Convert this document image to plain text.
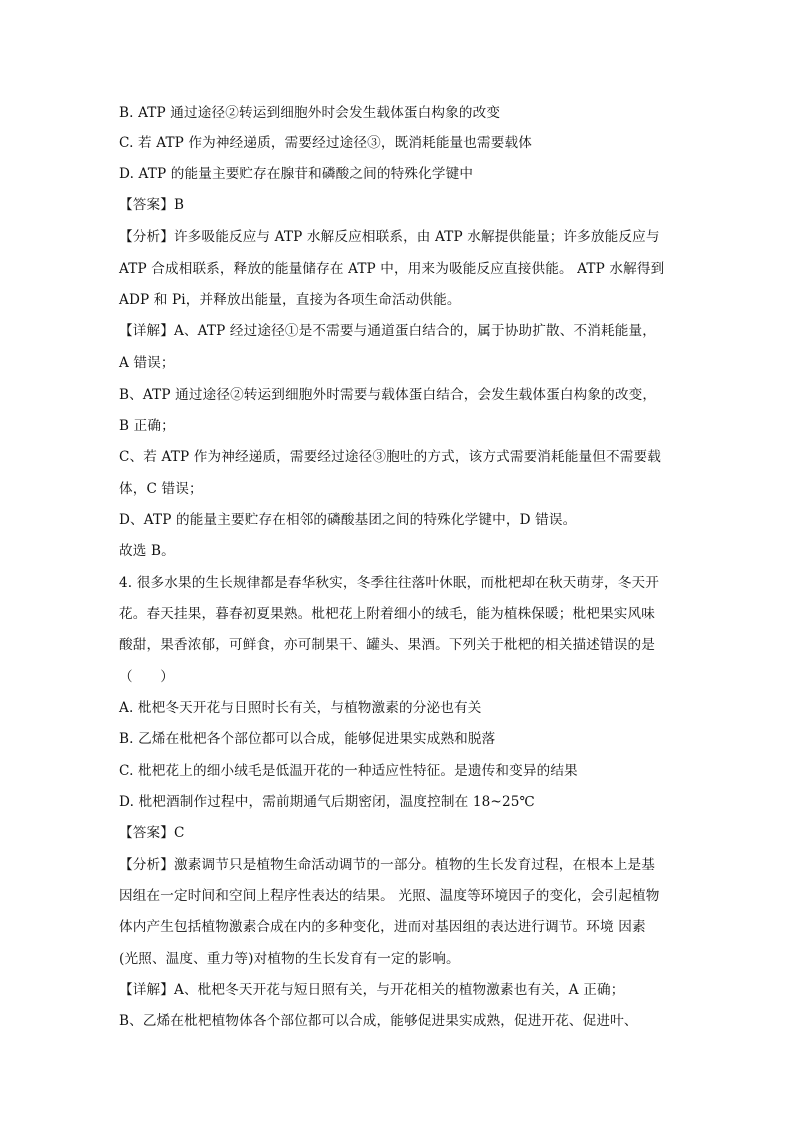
B. ATP 通过途径②转运到细胞外时会发生载体蛋白构象的改变
C. 若 ATP 作为神经递质，需要经过途径③，既消耗能量也需要载体
D. ATP 的能量主要贮存在腺苷和磷酸之间的特殊化学键中
【答案】B
【分析】许多吸能反应与 ATP 水解反应相联系，由 ATP 水解提供能量；许多放能反应与
ATP 合成相联系，释放的能量储存在 ATP 中，用来为吸能反应直接供能。 ATP 水解得到
ADP 和 Pi，并释放出能量，直接为各项生命活动供能。
【详解】A、ATP 经过途径①是不需要与通道蛋白结合的，属于协助扩散、不消耗能量，
A 错误；
B、ATP 通过途径②转运到细胞外时需要与载体蛋白结合，会发生载体蛋白构象的改变，
B 正确；
C、若 ATP 作为神经递质，需要经过途径③胞吐的方式，该方式需要消耗能量但不需要载
体，C 错误；
D、ATP 的能量主要贮存在相邻的磷酸基团之间的特殊化学键中，D 错误。
故选 B。
4. 很多水果的生长规律都是春华秋实，冬季往往落叶休眠，而枇杷却在秋天萌芽，冬天开
花。春天挂果，暮春初夏果熟。枇杷花上附着细小的绒毛，能为植株保暖；枇杷果实风味
酸甜，果香浓郁，可鲜食，亦可制果干、罐头、果酒。下列关于枇杷的相关描述错误的是
（　　）
A. 枇杷冬天开花与日照时长有关，与植物激素的分泌也有关
B. 乙烯在枇杷各个部位都可以合成，能够促进果实成熟和脱落
C. 枇杷花上的细小绒毛是低温开花的一种适应性特征。是遗传和变异的结果
D. 枇杷酒制作过程中，需前期通气后期密闭，温度控制在 18~25℃
【答案】C
【分析】激素调节只是植物生命活动调节的一部分。植物的生长发育过程，在根本上是基
因组在一定时间和空间上程序性表达的结果。 光照、温度等环境因子的变化，会引起植物
体内产生包括植物激素合成在内的多种变化，进而对基因组的表达进行调节。环境 因素
(光照、温度、重力等)对植物的生长发育有一定的影响。
【详解】A、枇杷冬天开花与短日照有关，与开花相关的植物激素也有关，A 正确；
B、乙烯在枇杷植物体各个部位都可以合成，能够促进果实成熟，促进开花、促进叶、
